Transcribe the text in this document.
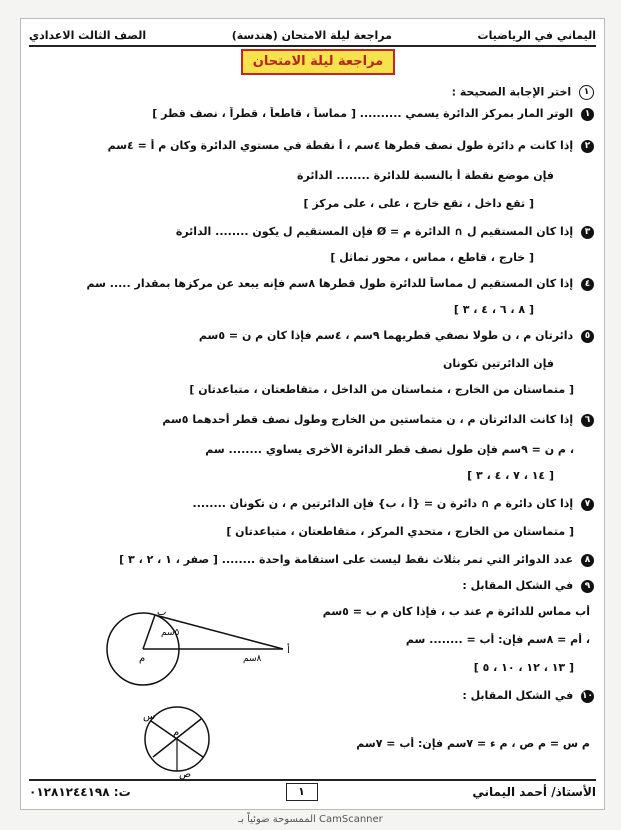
اليماني في الرياضيات
مراجعة ليلة الامتحان (هندسة)
الصف الثالث الاعدادي
مراجعة ليلة الامتحان
١ اختر الإجابة الصحيحة :
١ الوتر المار بمركز الدائرة يسمي .......... [ مماساً ، قاطعاً ، قطراً ، نصف قطر ]
٢ إذا كانت م دائرة طول نصف قطرها ٤سم ، أ نقطة في مستوي الدائرة وكان م أ = ٤سم
فإن موضع نقطة أ بالنسبة للدائرة ........ الدائرة
[ تقع داخل ، تقع خارج ، على ، على مركز ]
٣ إذا كان المستقيم ل ∩ الدائرة م = Ø فإن المستقيم ل يكون ........ الدائرة
[ خارج ، قاطع ، مماس ، محور تماثل ]
٤ إذا كان المستقيم ل مماساً للدائرة طول قطرها ٨سم فإنه يبعد عن مركزها بمقدار ..... سم
[ ٨ ، ٦ ، ٤ ، ٣ ]
٥ دائرتان م ، ن طولا نصفي قطريهما ٩سم ، ٤سم فإذا كان م ن = ٥سم
فإن الدائرتين تكونان
[ متماستان من الخارج ، متماستان من الداخل ، متقاطعتان ، متباعدتان ]
٦ إذا كانت الدائرتان م ، ن متماستين من الخارج وطول نصف قطر أحدهما ٥سم
، م ن = ٩سم فإن طول نصف قطر الدائرة الأخرى يساوي ........ سم
[ ١٤ ، ٧ ، ٤ ، ٣ ]
٧ إذا كان دائرة م ∩ دائرة ن = {أ ، ب} فإن الدائرتين م ، ن تكونان ........
[ متماستان من الخارج ، متحدي المركز ، متقاطعتان ، متباعدتان ]
٨ عدد الدوائر التي تمر بثلاث نقط ليست على استقامة واحدة ........ [ صفر ، ١ ، ٢ ، ٣ ]
٩ في الشكل المقابل :
أب مماس للدائرة م عند ب ، فإذا كان م ب = ٥سم
، أم = ٨سم فإن: أب = ........ سم
[ ١٣ ، ١٢ ، ١٠ ، ٥ ]
١٠ في الشكل المقابل :
م س = م ص ، م ء = ٧سم فإن: أب = ٧سم
م
ب
أ
٥سم
٨سم
م
س
ص
الأستاذ/ أحمد اليماني
١
ت: ٠١٢٨١٢٤٤١٩٨
الممسوحة ضوئياً بـ CamScanner
